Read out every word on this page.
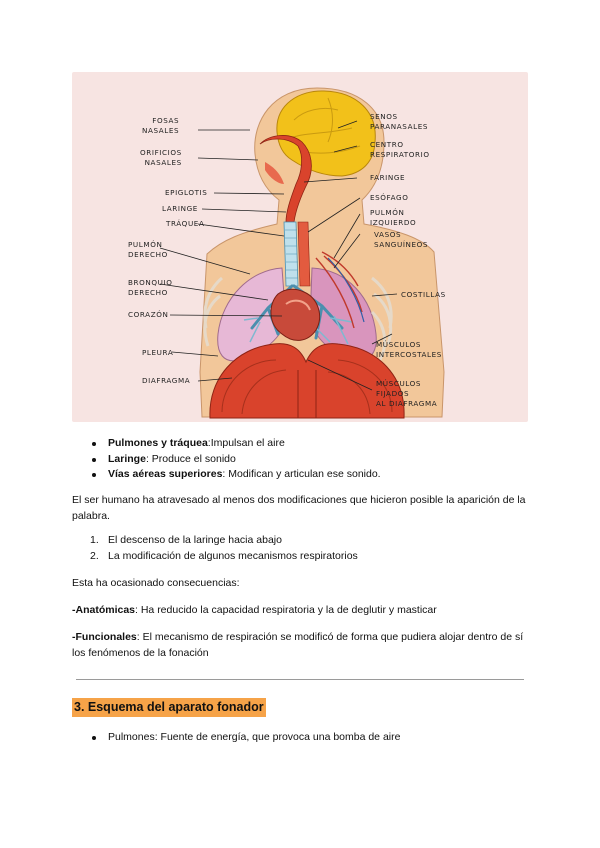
FOSAS
NASALES
ORIFICIOS
NASALES
EPIGLOTIS
LARINGE
TRÁQUEA
PULMÓN
DERECHO
BRONQUIO
DERECHO
CORAZÓN
PLEURA
DIAFRAGMA
SENOS
PARANASALES
CENTRO
RESPIRATORIO
FARINGE
ESÓFAGO
PULMÓN
IZQUIERDO
VASOS
SANGUÍNEOS
COSTILLAS
MÚSCULOS
INTERCOSTALES
MÚSCULOS
FIJADOS
AL DIAFRAGMA
Pulmones y tráquea:Impulsan el aire
Laringe: Produce el sonido
Vías aéreas superiores: Modifican y articulan ese sonido.

El ser humano ha atravesado al menos dos modificaciones que hicieron posible la aparición de la palabra.

1. El descenso de la laringe hacia abajo
2. La modificación de algunos mecanismos respiratorios

Esta ha ocasionado consecuencias:

-Anatómicas: Ha reducido la capacidad respiratoria y la de deglutir y masticar

-Funcionales: El mecanismo de respiración se modificó de forma que pudiera alojar dentro de sí los fenómenos de la fonación

3. Esquema del aparato fonador
Pulmones: Fuente de energía, que provoca una bomba de aire
